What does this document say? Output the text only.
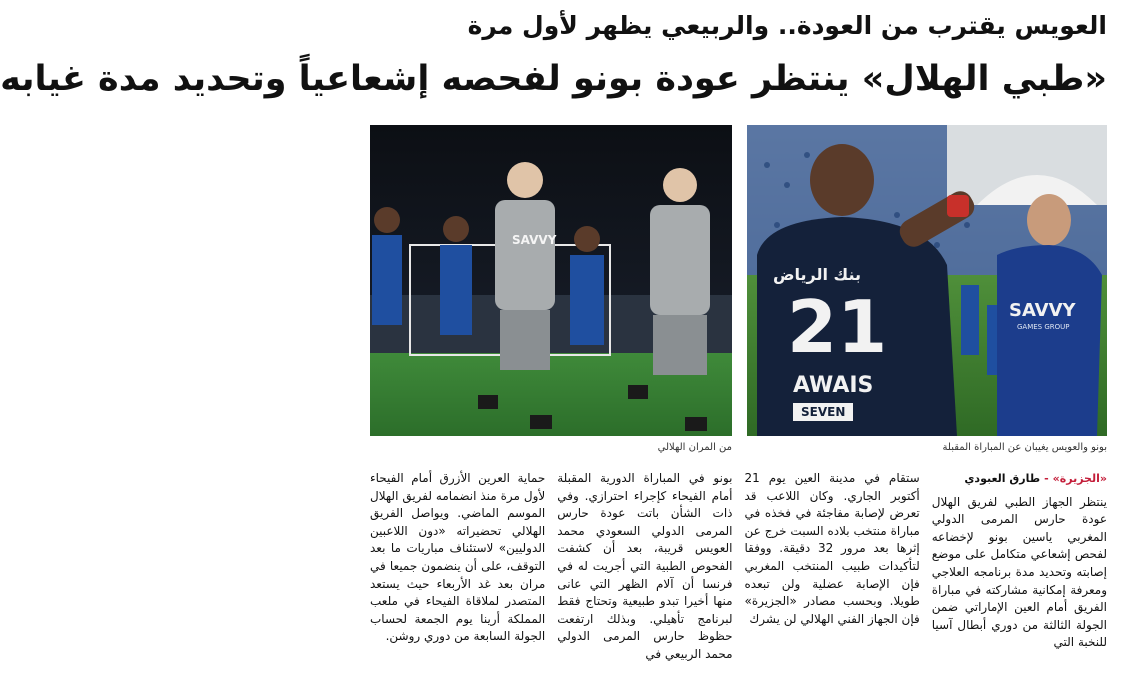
العويس يقترب من العودة.. والربيعي يظهر لأول مرة
«طبي الهلال» ينتظر عودة بونو لفحصه إشعاعياً وتحديد مدة غيابه
بنك الرياض
21
AWAIS
SEVEN
SAVVY
GAMES GROUP
بونو والعويس يغيبان عن المباراة المقبلة
SAVVY
من المران الهلالي
«الجزيرة»
-
طارق العبودي

ينتظر الجهاز الطبي لفريق الهلال عودة حارس المرمى الدولي المغربي ياسين بونو لإخضاعه لفحص إشعاعي متكامل على موضع إصابته وتحديد مدة برنامجه العلاجي ومعرفة إمكانية مشاركته في مباراة الفريق أمام العين الإماراتي ضمن الجولة الثالثة من دوري أبطال آسيا للنخبة التي

ستقام في مدينة العين يوم 21 أكتوبر الجاري. وكان اللاعب قد تعرض لإصابة مفاجئة في فخذه في مباراة منتخب بلاده السبت خرج عن إثرها بعد مرور 32 دقيقة. ووفقا لتأكيدات طبيب المنتخب المغربي فإن الإصابة عضلية ولن تبعده طويلا. وبحسب مصادر «الجزيرة» فإن الجهاز الفني الهلالي لن يشرك

بونو في المباراة الدورية المقبلة أمام الفيحاء كإجراء احترازي. وفي ذات الشأن باتت عودة حارس المرمى الدولي السعودي محمد العويس قريبة، بعد أن كشفت الفحوص الطبية التي أجريت له في فرنسا أن آلام الظهر التي عانى منها أخيرا تبدو طبيعية وتحتاج فقط لبرنامج تأهيلي. وبذلك ارتفعت حظوظ حارس المرمى الدولي محمد الربيعي في

حماية العرين الأزرق أمام الفيحاء لأول مرة منذ انضمامه لفريق الهلال الموسم الماضي. ويواصل الفريق الهلالي تحضيراته «دون اللاعبين الدوليين» لاستئناف مباريات ما بعد التوقف، على أن ينضمون جميعا في مران بعد غد الأربعاء حيث يستعد المتصدر لملاقاة الفيحاء في ملعب المملكة أرينا يوم الجمعة لحساب الجولة السابعة من دوري روشن.
